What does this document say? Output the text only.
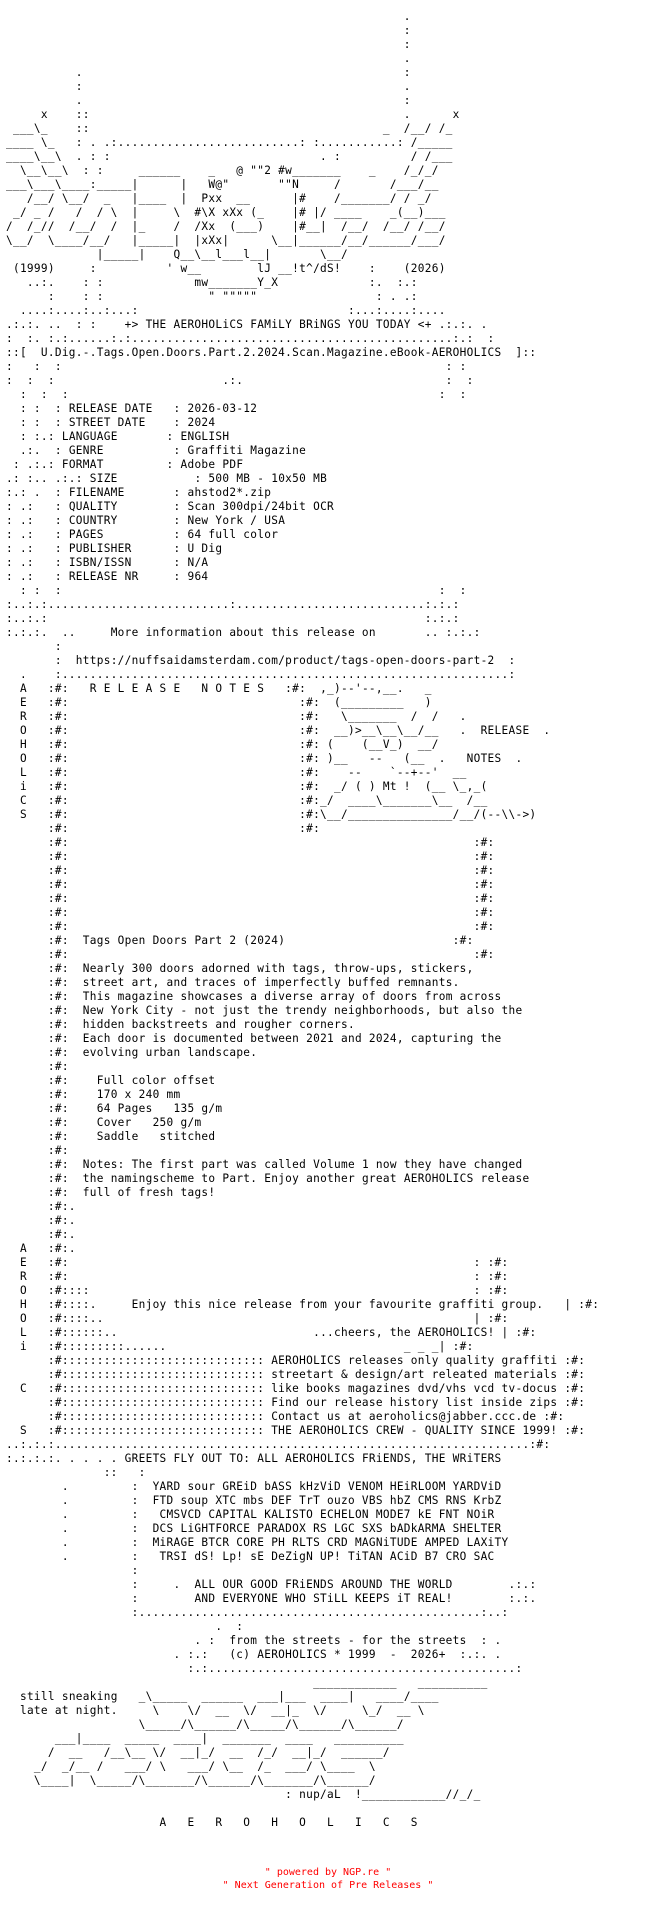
.
:
:
.
.                                              :
:                                              .
.                                              :
x    ::                                             .      x
___\_    ::                                          _  /__/ /_
____ \_   : . .:..........................: :...........: /_____
____\__\  . : :                              . :          / /___
\__\__\  : :     ______    _   @ ""2 #w_______    _    /_/_/
___\___\____:_____|      |   W@"       ""N     /       /___/__
/__/ \__/  _   |____  |  Pxx  __      |#    /_______/ / _/
_/ _ /   /  / \  |     \  #\X xXx (_    |# |/ ____    _(__)___
/  /_//  /__/  /  |_    /  /Xx  (___)    |#__|  /__/  /__/ /__/
\__/  \____/__/   |_____|  |xXx|      \__|______/__/______/___/
|_____|    Q__\__l___l__|       \__/
(1999)     :          ' w__        lJ __!t^/dS!    :    (2026)
..:.    : :             mw_______Y_X             :.  :.:
:    : :               " """""                 : . .:
....:....:..:...:                              :...:....:....
.:.:. ..  : :    +> THE AEROHOLiCS FAMiLY BRiNGS YOU TODAY <+ .:.:. .
:  :. :.:......:.:..............................................:.:  :
::[  U.Dig.-.Tags.Open.Doors.Part.2.2024.Scan.Magazine.eBook-AEROHOLICS  ]::
:   :  :                                                       : :
:  :  :                        .:.                             :  :
:  :  :                                                     :  :
: :  : RELEASE DATE   : 2026-03-12
: :  : STREET DATE    : 2024
: :.: LANGUAGE       : ENGLISH
.:.  : GENRE          : Graffiti Magazine
: .:.: FORMAT         : Adobe PDF
.: :.. .:.: SIZE           : 500 MB - 10x50 MB
:.: .  : FILENAME       : ahstod2*.zip
: .:   : QUALITY        : Scan 300dpi/24bit OCR
: .:   : COUNTRY        : New York / USA
: .:   : PAGES          : 64 full color
: .:   : PUBLISHER      : U Dig
: .:   : ISBN/ISSN      : N/A
: .:   : RELEASE NR     : 964
: :  :                                                      :  :
:..:.:..........................:...........................:.:.:
:..:.:                                                      :.:.:
:.:.:.  ..     More information about this release on       .. :.:.:
:
:  https://nuffsaidamsterdam.com/product/tags-open-doors-part-2  :
.    :................................................................:
A   :#:   R E L E A S E   N O T E S   :#:  ,_)--'--,__.   _
E   :#:                                 :#:  (_________   )
R   :#:                                 :#:   \_______  /  /   .
O   :#:                                 :#:  __)>__\__\__/__   .  RELEASE  .
H   :#:                                 :#: (    (__V_)  __/
O   :#:                                 :#: )__   --   (__  .   NOTES  .
L   :#:                                 :#:    --    `--+--'  __
i   :#:                                 :#:  _/ ( ) Mt !  (__ \_,_(
C   :#:                                 :#:_/  ____\_______\__  /__
S   :#:                                 :#:\__/_______________/__/(--\\->)
:#:                                 :#:
:#:                                                          :#:
:#:                                                          :#:
:#:                                                          :#:
:#:                                                          :#:
:#:                                                          :#:
:#:                                                          :#:
:#:                                                          :#:
:#:  Tags Open Doors Part 2 (2024)                        :#:
:#:                                                          :#:
:#:  Nearly 300 doors adorned with tags, throw-ups, stickers,
:#:  street art, and traces of imperfectly buffed remnants.
:#:  This magazine showcases a diverse array of doors from across
:#:  New York City - not just the trendy neighborhoods, but also the
:#:  hidden backstreets and rougher corners.
:#:  Each door is documented between 2021 and 2024, capturing the
:#:  evolving urban landscape.
:#:
:#:    Full color offset
:#:    170 x 240 mm
:#:    64 Pages   135 g/m
:#:    Cover   250 g/m
:#:    Saddle   stitched
:#:
:#:  Notes: The first part was called Volume 1 now they have changed
:#:  the namingscheme to Part. Enjoy another great AEROHOLICS release
:#:  full of fresh tags!
:#:.
:#:.
:#:.
A   :#:.
E   :#:                                                          : :#:
R   :#:                                                          : :#:
O   :#::::                                                       : :#:
H   :#::::.     Enjoy this nice release from your favourite graffiti group.   | :#:
O   :#::::..                                                     | :#:
L   :#::::::..                            ...cheers, the AEROHOLICS! | :#:
i   :#:::::::::......                                  _ _ _| :#:
:#::::::::::::::::::::::::::::: AEROHOLICS releases only quality graffiti :#:
:#::::::::::::::::::::::::::::: streetart & design/art releated materials :#:
C   :#::::::::::::::::::::::::::::: like books magazines dvd/vhs vcd tv-docus :#:
:#::::::::::::::::::::::::::::: Find our release history list inside zips :#:
:#::::::::::::::::::::::::::::: Contact us at aeroholics@jabber.ccc.de :#:
S   :#::::::::::::::::::::::::::::: THE AEROHOLICS CREW - QUALITY SINCE 1999! :#:
..:.:.:....................................................................:#:
:.:.:.:. . . . . GREETS FLY OUT TO: ALL AEROHOLICS FRiENDS, THE WRiTERS
::   :
.         :  YARD sour GREiD bASS kHzViD VENOM HEiRLOOM YARDViD
.         :  FTD soup XTC mbs DEF TrT ouzo VBS hbZ CMS RNS KrbZ
.         :   CMSVCD CAPITAL KALISTO ECHELON MODE7 kE FNT NOiR
.         :  DCS LiGHTFORCE PARADOX RS LGC SXS bADkARMA SHELTER
.         :  MiRAGE BTCR CORE PH RLTS CRD MAGNiTUDE AMPED LAXiTY
.         :   TRSI dS! Lp! sE DeZigN UP! TiTAN ACiD B7 CRO SAC
:
:     .  ALL OUR GOOD FRiENDS AROUND THE WORLD        .:.:
:        AND EVERYONE WHO STiLL KEEPS iT REAL!        :.:.
:.................................................:..:
.  :
. :  from the streets - for the streets  : .
. :.:   (c) AEROHOLICS * 1999  -  2026+  :.:. .
:.:............................................:
____________   __________
still sneaking   _\_____  ______  ___|___  ____|   ____/____
late at night.     \    \/  __  \/  __|_  \/     \_/  __ \
\_____/\______/\_____/\______/\______/
___|____  _____  ____|  _______  ____   __________
/  __   /__\__ \/  __|_/  __  /_/  __|_/  ______/
_/  _/__ /   ___/ \   ___/ \__  /_  ___/ \____  \
\____|  \_____/\_______/\______/\_______/\______/
: nup/aL  !____________//_/_
A   E   R   O   H   O   L   I   C   S
" powered by NGP.re "
" Next Generation of Pre Releases "
